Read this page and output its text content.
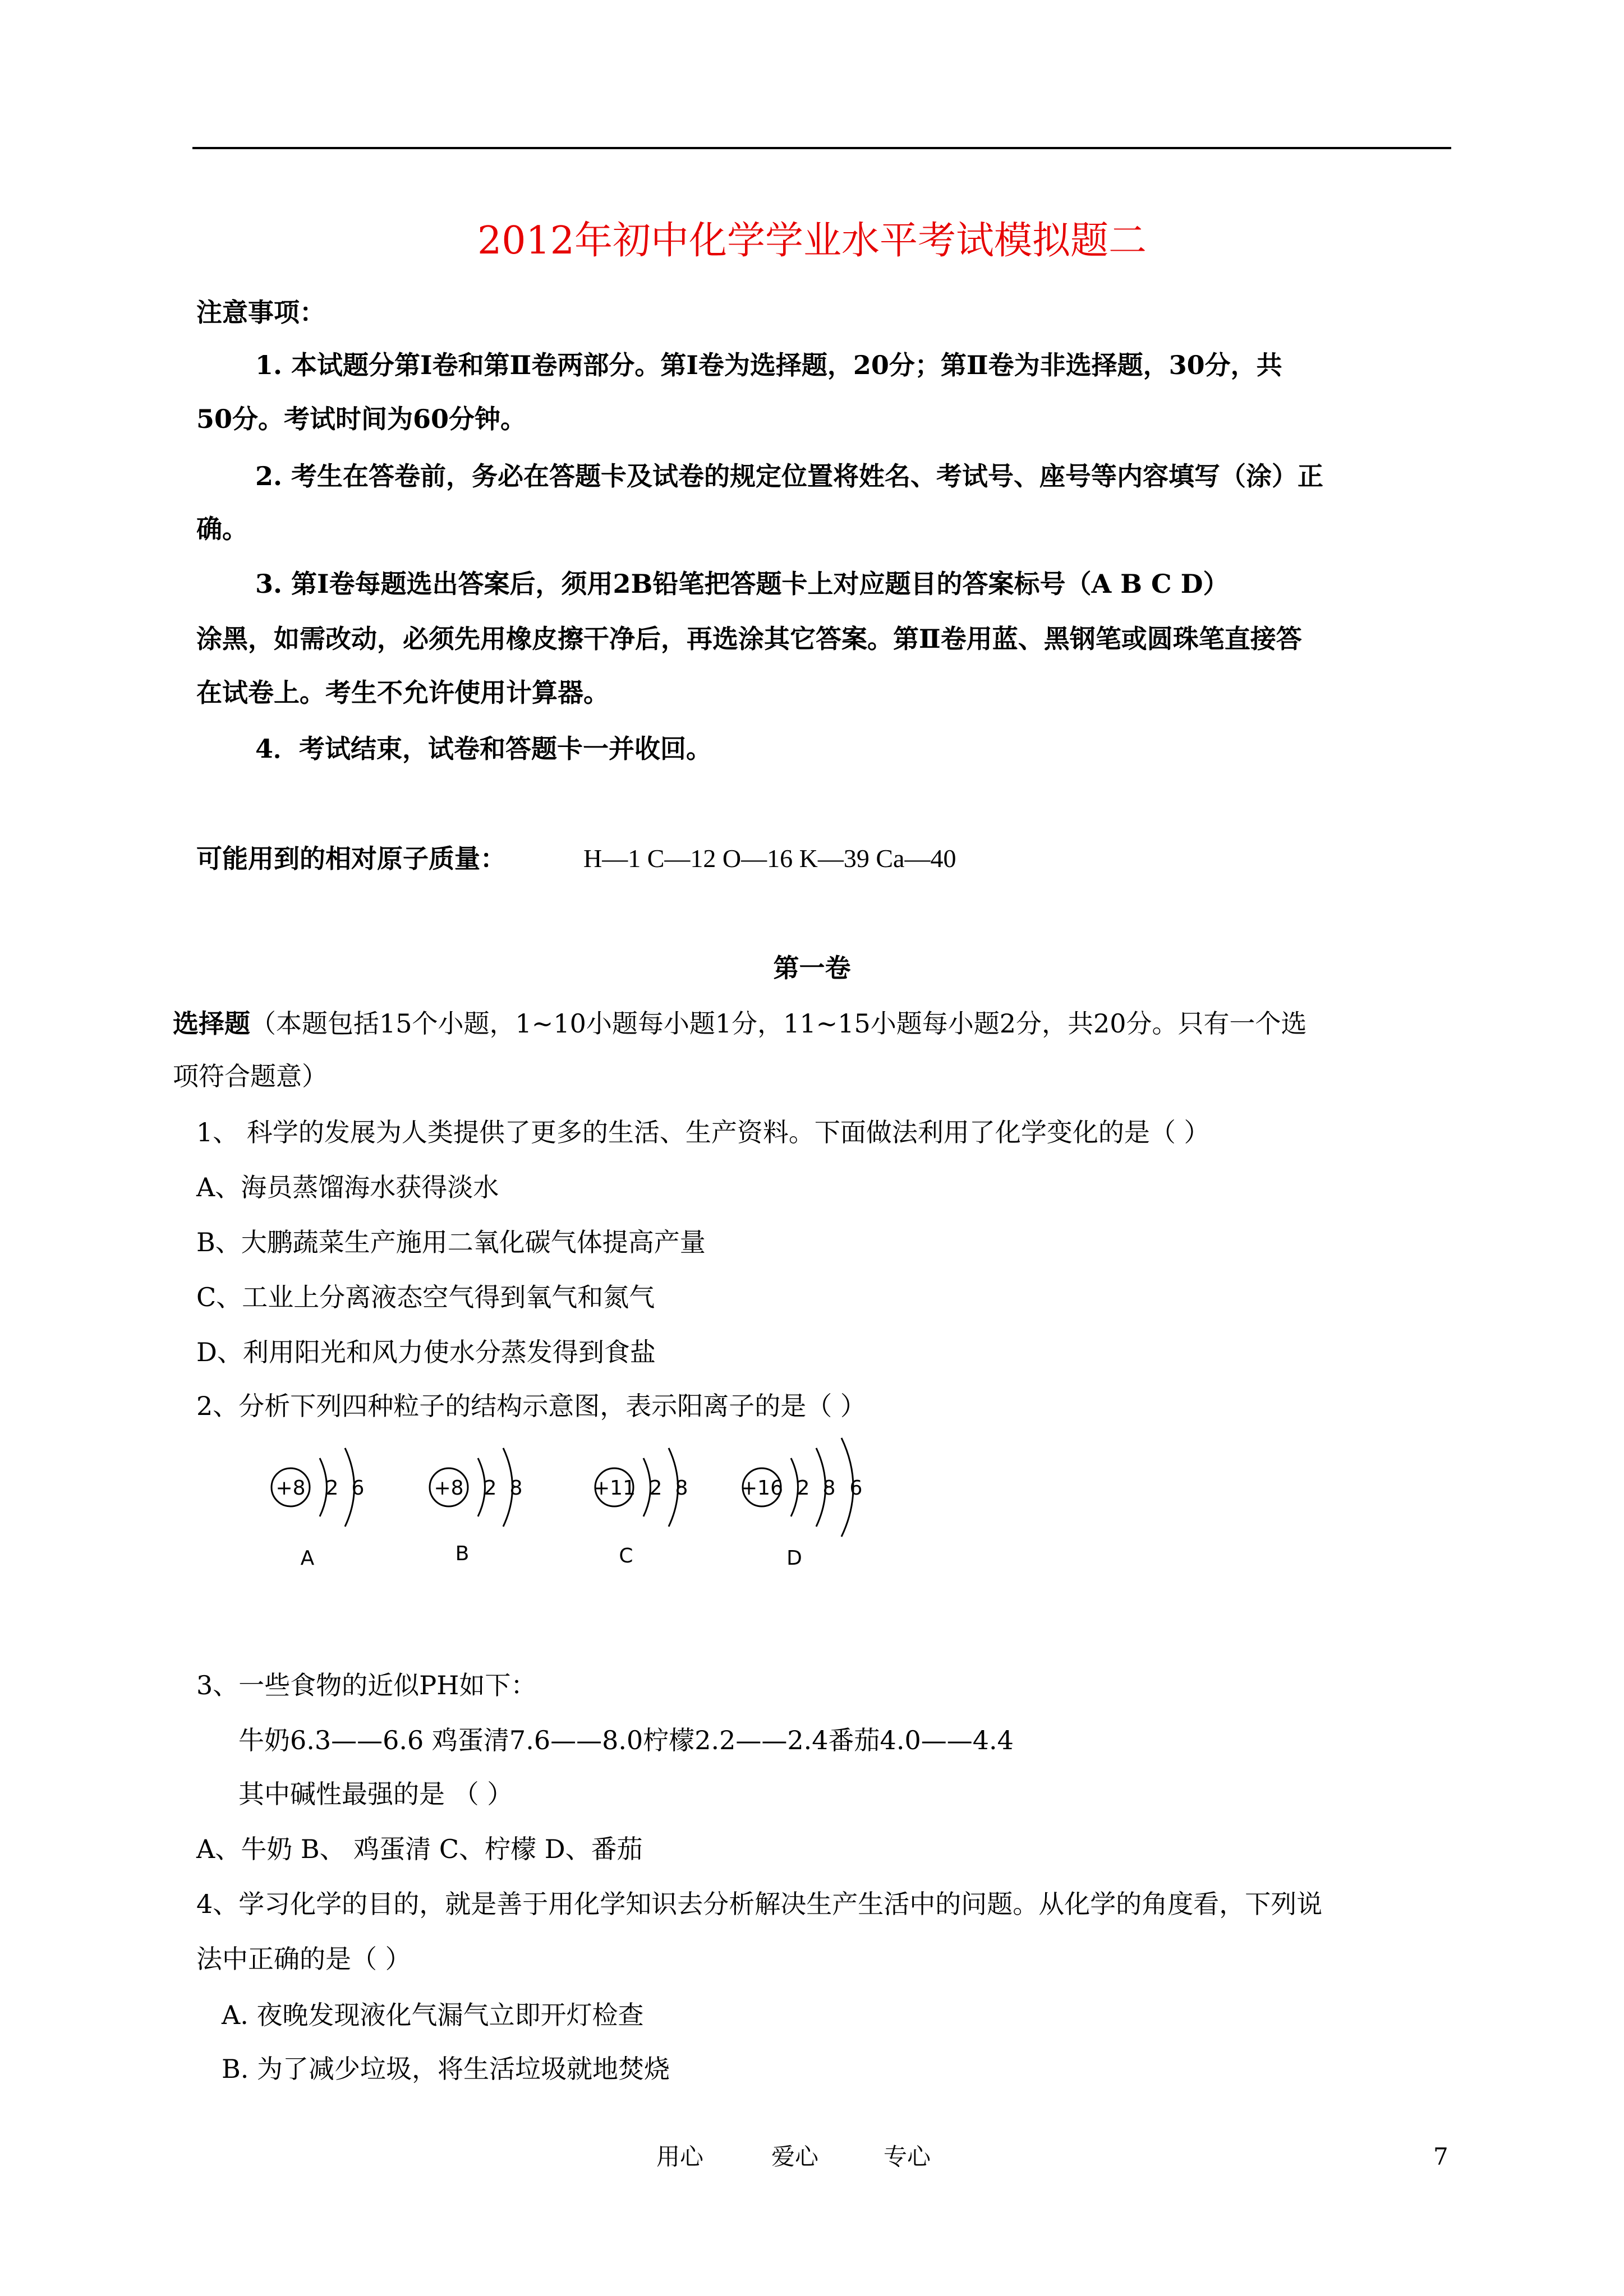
2012年初中化学学业水平考试模拟题二
注意事项：
1. 本试题分第Ⅰ卷和第Ⅱ卷两部分。第Ⅰ卷为选择题，20分；第Ⅱ卷为非选择题，30分，共
50分。考试时间为60分钟。
2. 考生在答卷前，务必在答题卡及试卷的规定位置将姓名、考试号、座号等内容填写（涂）正
确。
3. 第Ⅰ卷每题选出答案后，须用2B铅笔把答题卡上对应题目的答案标号（A B C D）
涂黑，如需改动，必须先用橡皮擦干净后，再选涂其它答案。第Ⅱ卷用蓝、黑钢笔或圆珠笔直接答
在试卷上。考生不允许使用计算器。
4．考试结束，试卷和答题卡一并收回。
可能用到的相对原子质量：	H—1 C—12 O—16 K—39 Ca—40
第一卷
选择题（本题包括15个小题，1~10小题每小题1分，11~15小题每小题2分，共20分。只有一个选
项符合题意）
1、 科学的发展为人类提供了更多的生活、生产资料。下面做法利用了化学变化的是（ ）
A、海员蒸馏海水获得淡水
B、大鹏蔬菜生产施用二氧化碳气体提高产量
C、工业上分离液态空气得到氧气和氮气
D、利用阳光和风力使水分蒸发得到食盐
2、分析下列四种粒子的结构示意图，表示阳离子的是（ ）
+8 2 6
A
+8 2 8
B
+11 2 8
C
+16 2 8 6
D
3、一些食物的近似PH如下：
牛奶6.3——6.6 鸡蛋清7.6——8.0柠檬2.2——2.4番茄4.0——4.4
其中碱性最强的是 （ ）
A、牛奶 B、 鸡蛋清 C、柠檬 D、番茄
4、学习化学的目的，就是善于用化学知识去分析解决生产生活中的问题。从化学的角度看，下列说
法中正确的是（ ）
A. 夜晚发现液化气漏气立即开灯检查
B. 为了减少垃圾，将生活垃圾就地焚烧
用心	爱心	专心	7
